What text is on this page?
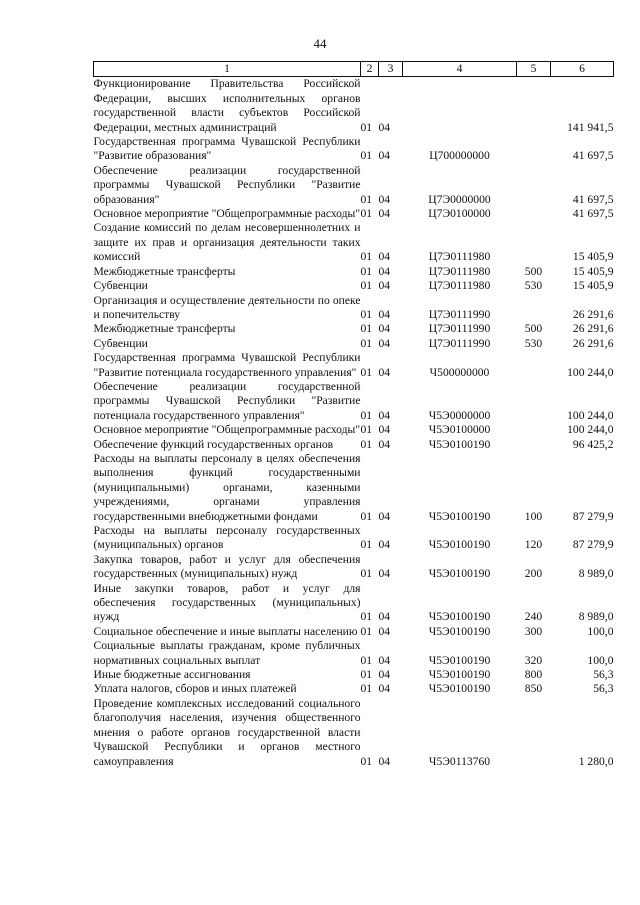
44
1	2	3	4	5	6
Функционирование Правительства Российской Федерации, высших исполнительных органов государственной власти субъектов Российской Федерации, местных администраций	01	04			141 941,5
Государственная программа Чувашской Республики "Развитие образования"	01	04	Ц700000000		41 697,5
Обеспечение реализации государственной программы Чувашской Республики "Развитие образования"	01	04	Ц7Э0000000		41 697,5
Основное мероприятие "Общепрограммные расходы"	01	04	Ц7Э0100000		41 697,5
Создание комиссий по делам несовершеннолетних и защите их прав и организация деятельности таких комиссий	01	04	Ц7Э0111980		15 405,9
Межбюджетные трансферты	01	04	Ц7Э0111980	500	15 405,9
Субвенции	01	04	Ц7Э0111980	530	15 405,9
Организация и осуществление деятельности по опеке и попечительству	01	04	Ц7Э0111990		26 291,6
Межбюджетные трансферты	01	04	Ц7Э0111990	500	26 291,6
Субвенции	01	04	Ц7Э0111990	530	26 291,6
Государственная программа Чувашской Республики "Развитие потенциала государственного управления"	01	04	Ч500000000		100 244,0
Обеспечение реализации государственной программы Чувашской Республики "Развитие потенциала государственного управления"	01	04	Ч5Э0000000		100 244,0
Основное мероприятие "Общепрограммные расходы"	01	04	Ч5Э0100000		100 244,0
Обеспечение функций государственных органов	01	04	Ч5Э0100190		96 425,2
Расходы на выплаты персоналу в целях обеспечения выполнения функций государственными (муниципальными) органами, казенными учреждениями, органами управления государственными внебюджетными фондами	01	04	Ч5Э0100190	100	87 279,9
Расходы на выплаты персоналу государственных (муниципальных) органов	01	04	Ч5Э0100190	120	87 279,9
Закупка товаров, работ и услуг для обеспечения государственных (муниципальных) нужд	01	04	Ч5Э0100190	200	8 989,0
Иные закупки товаров, работ и услуг для обеспечения государственных (муниципальных) нужд	01	04	Ч5Э0100190	240	8 989,0
Социальное обеспечение и иные выплаты населению	01	04	Ч5Э0100190	300	100,0
Социальные выплаты гражданам, кроме публичных нормативных социальных выплат	01	04	Ч5Э0100190	320	100,0
Иные бюджетные ассигнования	01	04	Ч5Э0100190	800	56,3
Уплата налогов, сборов и иных платежей	01	04	Ч5Э0100190	850	56,3
Проведение комплексных исследований социального благополучия населения, изучения общественного мнения о работе органов государственной власти Чувашской Республики и органов местного самоуправления	01	04	Ч5Э0113760		1 280,0
